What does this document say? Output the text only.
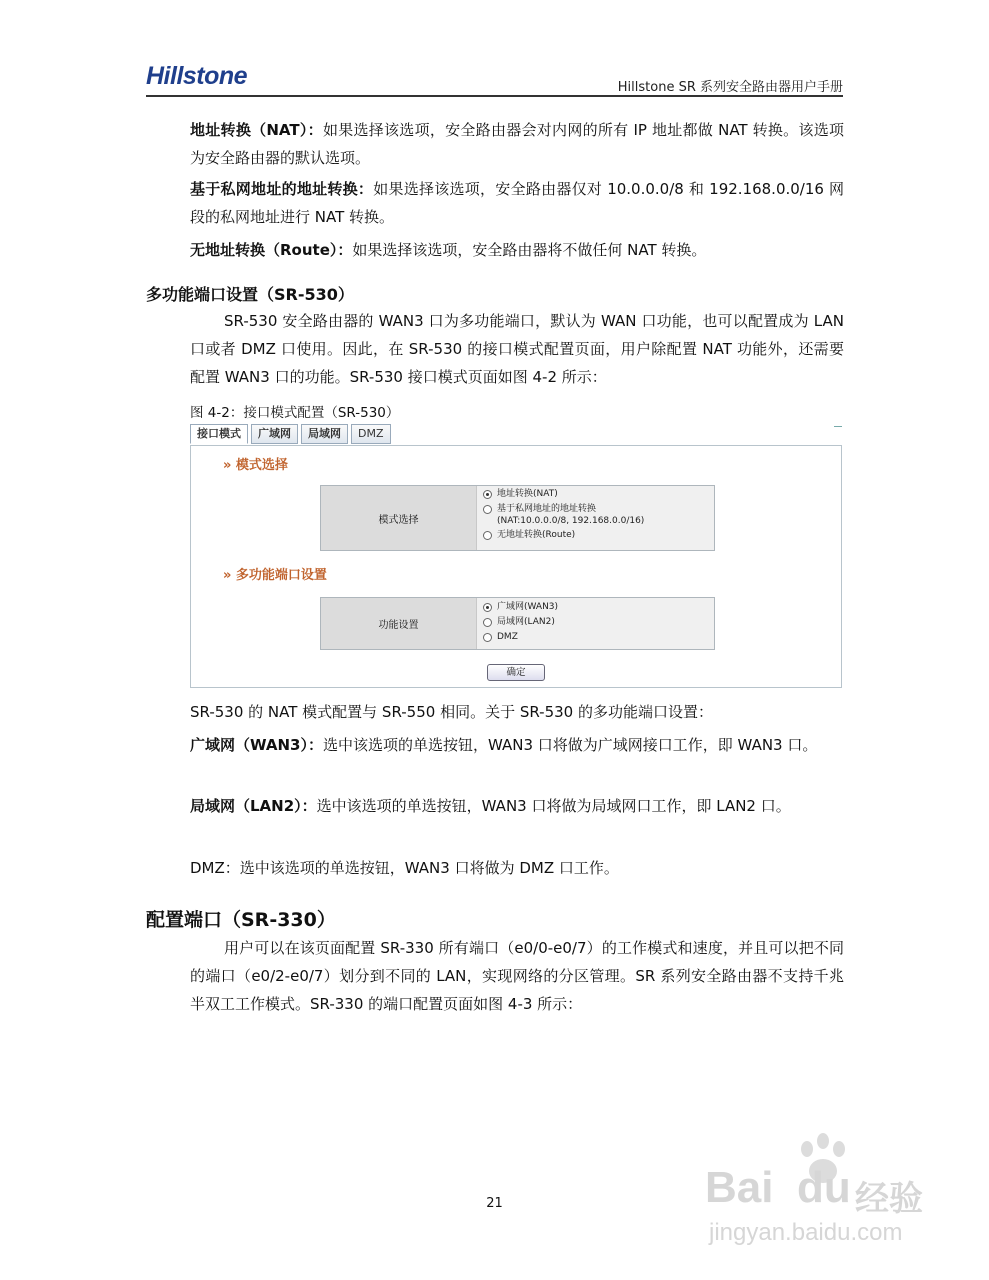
Hillstone	Hillstone SR 系列安全路由器用户手册
地址转换（NAT）：如果选择该选项，安全路由器会对内网的所有 IP 地址都做 NAT 转换。该选项为安全路由器的默认选项。
基于私网地址的地址转换：如果选择该选项，安全路由器仅对 10.0.0.0/8 和 192.168.0.0/16 网段的私网地址进行 NAT 转换。
无地址转换（Route）：如果选择该选项，安全路由器将不做任何 NAT 转换。
多功能端口设置（SR-530）
SR-530 安全路由器的 WAN3 口为多功能端口，默认为 WAN 口功能，也可以配置成为 LAN 口或者 DMZ 口使用。因此，在 SR-530 的接口模式配置页面，用户除配置 NAT 功能外，还需要配置 WAN3 口的功能。SR-530 接口模式页面如图 4-2 所示：
图 4-2：接口模式配置（SR-530）
接口模式	广域网	局域网	DMZ
» 模式选择
模式选择
地址转换(NAT)
基于私网地址的地址转换
(NAT:10.0.0.0/8, 192.168.0.0/16)
无地址转换(Route)
» 多功能端口设置
功能设置
广域网(WAN3)
局域网(LAN2)
DMZ
确定
SR-530 的 NAT 模式配置与 SR-550 相同。关于 SR-530 的多功能端口设置：
广域网（WAN3）：选中该选项的单选按钮，WAN3 口将做为广域网接口工作，即 WAN3 口。
局域网（LAN2）：选中该选项的单选按钮，WAN3 口将做为局域网口工作，即 LAN2 口。
DMZ：选中该选项的单选按钮，WAN3 口将做为 DMZ 口工作。
配置端口（SR-330）
用户可以在该页面配置 SR-330 所有端口（e0/0-e0/7）的工作模式和速度，并且可以把不同的端口（e0/2-e0/7）划分到不同的 LAN，实现网络的分区管理。SR 系列安全路由器不支持千兆半双工工作模式。SR-330 的端口配置页面如图 4-3 所示：
21	Bai du 经验
jingyan.baidu.com
